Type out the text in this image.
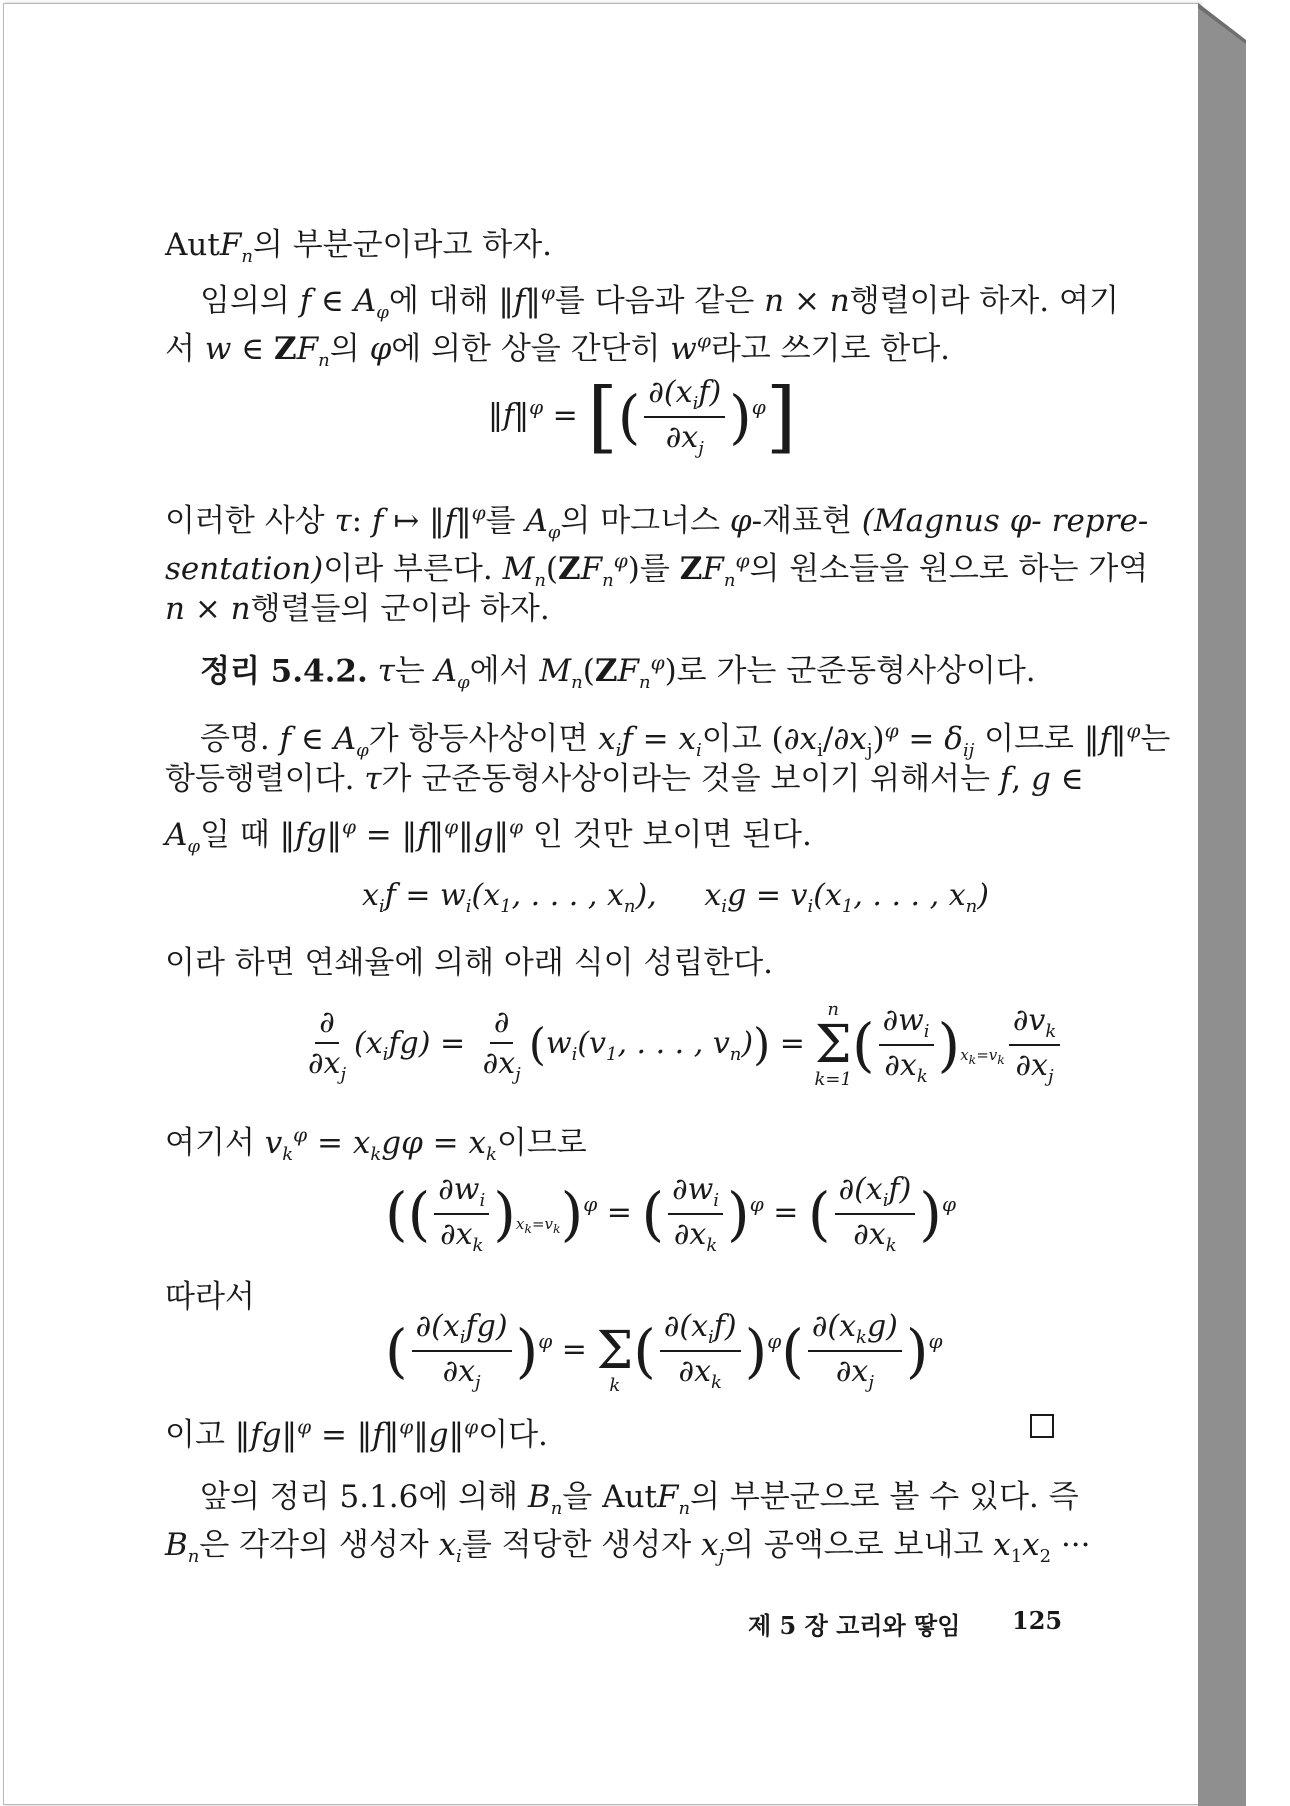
AutF$_n$의 부분군이라고 하자.
임의의 f ∈ $A_\varphi$에 대해 ‖f‖$^\varphi$를 다음과 같은 n × n행렬이라 하자. 여기
서 w ∈ $ZF_n$의 φ에 의한 상을 간단히 $w^\varphi$라고 쓰기로 한다.
‖f‖$^\varphi$ = [( $\frac{\partial(x_if)}{\partial x_j} )^\varphi$]
이러한 사상 τ: f ↦ ‖f‖$^\varphi$를 $A_\varphi$의 마그너스 φ-재표현 (Magnus φ- repre-
sentation)이라 부른다. $M_n(ZF_n^\varphi)$를 $ZF_n^\varphi$의 원소들을 원으로 하는 가역
n × n행렬들의 군이라 하자.
정리 5.4.2. τ는 $A_\varphi$에서 $M_n(ZF_n^\varphi)$로 가는 군준동형사상이다.
증명. f ∈ $A_\varphi$가 항등사상이면 $x_if = x_i$이고 $(\partial x_i/\partial x_j)^\varphi = \delta_{ij}$ 이므로 ‖f‖$^\varphi$는
항등행렬이다. τ가 군준동형사상이라는 것을 보이기 위해서는 f, g ∈
$A_\varphi$일 때 ‖fg‖$^\varphi$ = ‖f‖$^\varphi$‖g‖$^\varphi$ 인 것만 보이면 된다.
$x_if = w_i(x_1$, . . . , $x_n$),     $x_ig = v_i(x_1$, . . . , $x_n$)
이라 하면 연쇄율에 의해 아래 식이 성립한다.
$\frac{\partial}{\partial x_j} (x_ifg) = \frac{\partial}{\partial x_j} (w_i(v_1$, . . . , $v_n$)) =
n
Σ
k=1
( $\frac{\partial w_i}{\partial x_k} )_{x_k=v_k} \frac{\partial v_k}{\partial x_j}$
여기서 $v_k^\varphi = x_kg\varphi = x_k$이므로
(( $\frac{\partial w_i}{\partial x_k} )_{x_k=v_k})^\varphi$ = ( $\frac{\partial w_i}{\partial x_k} )^\varphi$ = ( $\frac{\partial(x_if)}{\partial x_k} )^\varphi$
따라서
( $\frac{\partial(x_ifg)}{\partial x_j} )^\varphi$ =
Σ
k
( $\frac{\partial(x_if)}{\partial x_k} )^\varphi( \frac{\partial(x_kg)}{\partial x_j} )^\varphi$
이고 ‖fg‖$^\varphi$ = ‖f‖$^\varphi$‖g‖$^\varphi$이다.
앞의 정리 5.1.6에 의해 $B_n$을 AutF$_n$의 부분군으로 볼 수 있다. 즉
$B_n$은 각각의 생성자 $x_i$를 적당한 생성자 $x_j$의 공액으로 보내고 $x_1x_2$ ···
제 5 장 고리와 땋임 125
